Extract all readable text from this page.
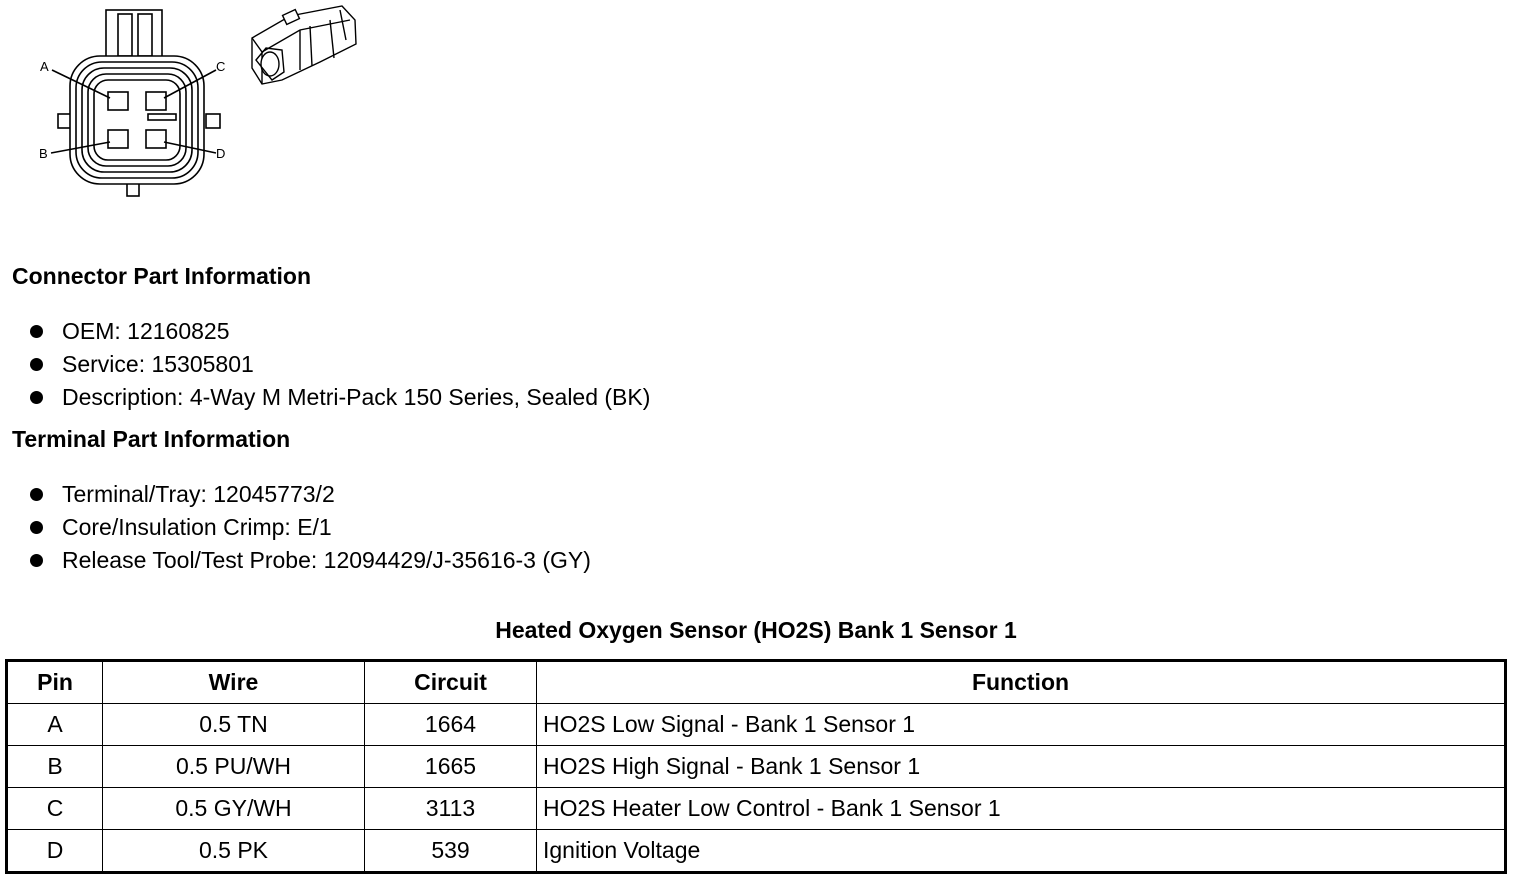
A
B
C
D
Connector Part Information
OEM: 12160825
Service: 15305801
Description: 4-Way M Metri-Pack 150 Series, Sealed (BK)
Terminal Part Information
Terminal/Tray: 12045773/2
Core/Insulation Crimp: E/1
Release Tool/Test Probe: 12094429/J-35616-3 (GY)
Heated Oxygen Sensor (HO2S) Bank 1 Sensor 1
Pin	Wire	Circuit	Function
A	0.5 TN	1664	HO2S Low Signal - Bank 1 Sensor 1
B	0.5 PU/WH	1665	HO2S High Signal - Bank 1 Sensor 1
C	0.5 GY/WH	3113	HO2S Heater Low Control - Bank 1 Sensor 1
D	0.5 PK	539	Ignition Voltage
